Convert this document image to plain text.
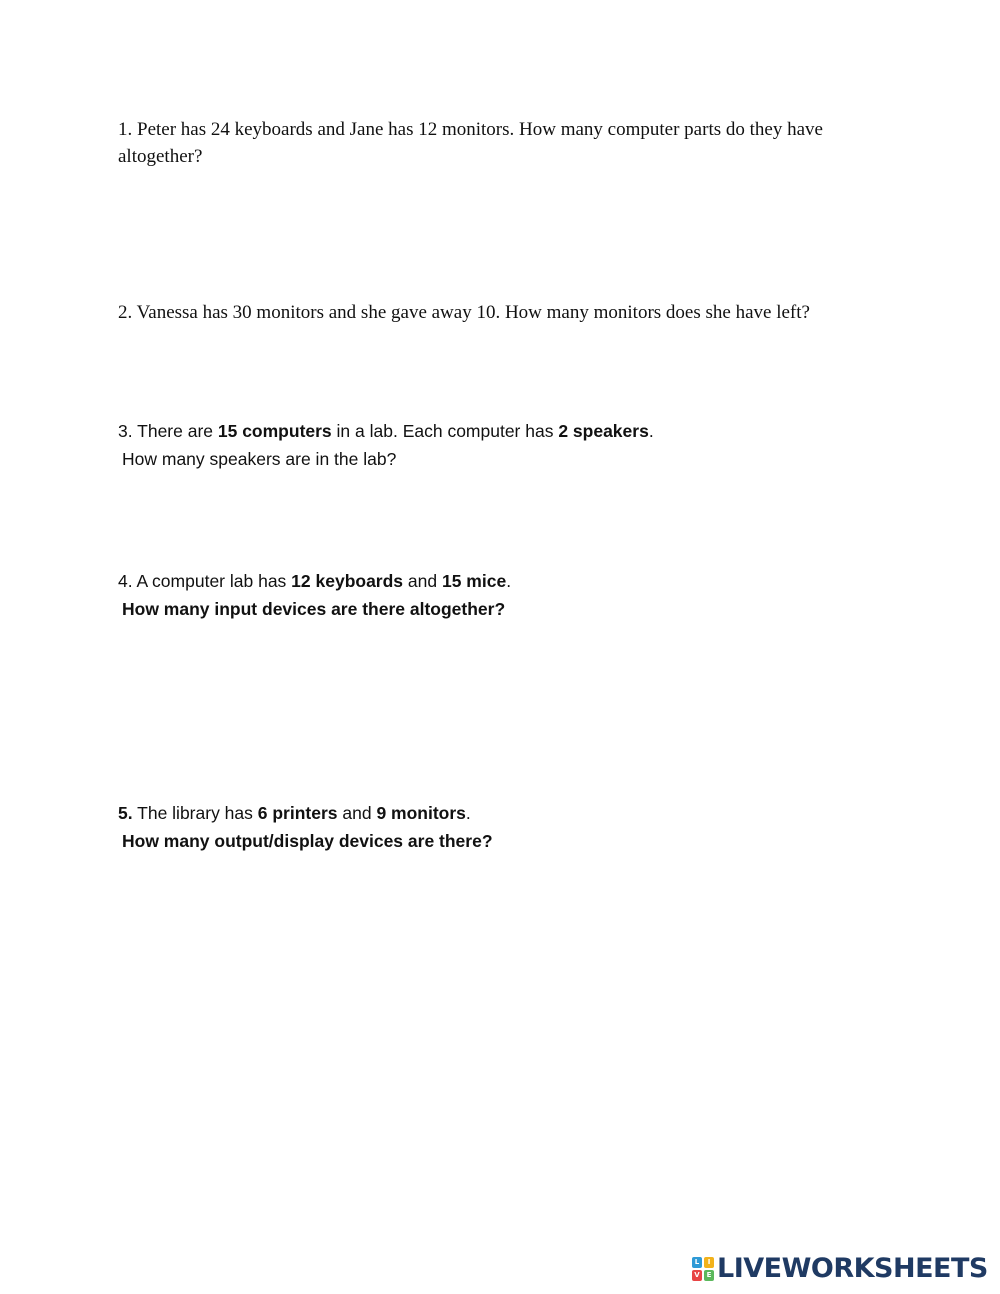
1. Peter has 24 keyboards and Jane has 12 monitors. How many computer parts do they have
altogether?
2. Vanessa has 30 monitors and she gave away 10. How many monitors does she have left?
3. There are 15 computers in a lab. Each computer has 2 speakers.
How many speakers are in the lab?
4. A computer lab has 12 keyboards and 15 mice.
How many input devices are there altogether?
5. The library has 6 printers and 9 monitors.
How many output/display devices are there?
L	I
V E LIVEWORKSHEETS
